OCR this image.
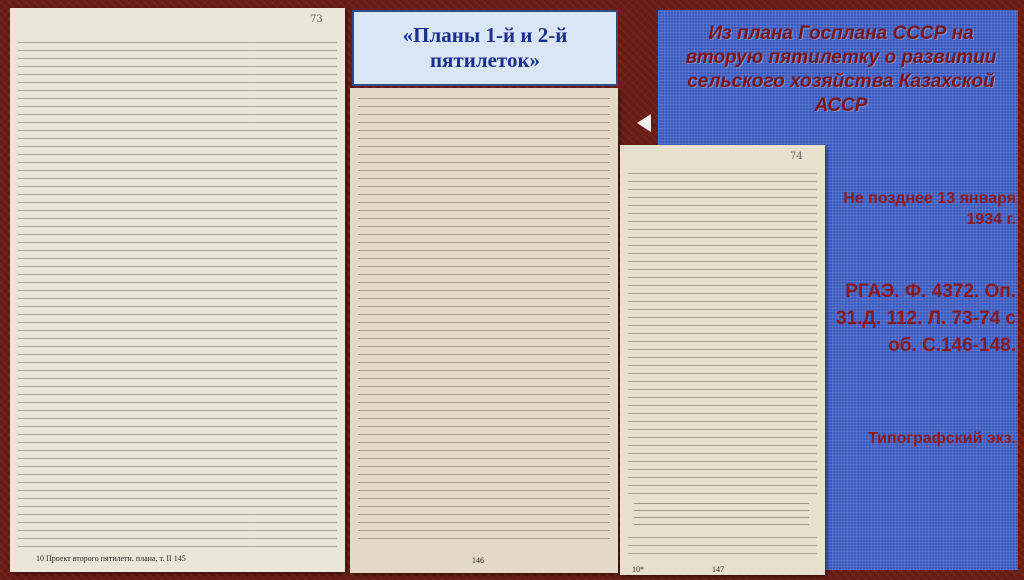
73
10 Проект второго пятилетн. плана, т. II 145	146
74
10*	147
«Планы 1-й и 2-й пятилеток»
Из плана Госплана СССР на вторую пятилетку о развитии сельского хозяйства Казахской АССР
Не позднее 13 января 1934 г.
РГАЭ. Ф. 4372. Оп. 31.Д. 112. Л. 73-74 с об. С.146-148.
Типографский экз.
